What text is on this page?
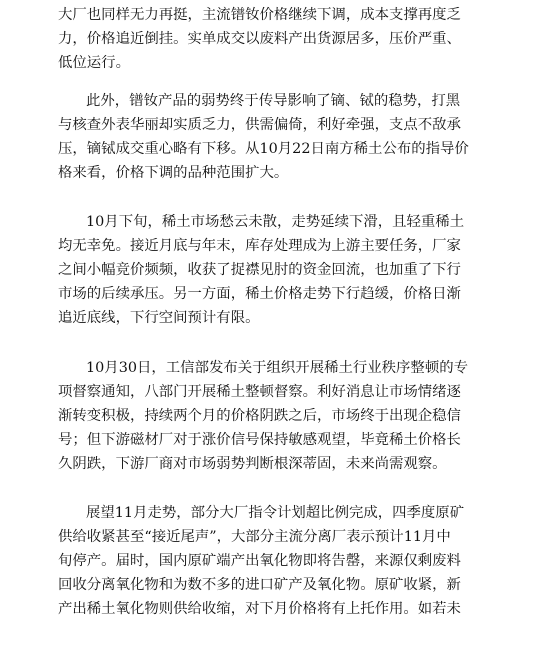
大厂也同样无力再挺，主流镨钕价格继续下调，成本支撑再度乏
力，价格追近倒挂。实单成交以废料产出货源居多，压价严重、
低位运行。

此外，镨钕产品的弱势终于传导影响了镝、铽的稳势，打黑
与核查外表华丽却实质乏力，供需偏倚，利好牵强，支点不敌承
压，镝铽成交重心略有下移。从10月22日南方稀土公布的指导价
格来看，价格下调的品种范围扩大。

10月下旬，稀土市场愁云未散，走势延续下滑，且轻重稀土
均无幸免。接近月底与年末，库存处理成为上游主要任务，厂家
之间小幅竞价频频，收获了捉襟见肘的资金回流，也加重了下行
市场的后续承压。另一方面，稀土价格走势下行趋缓，价格日渐
追近底线，下行空间预计有限。

10月30日，工信部发布关于组织开展稀土行业秩序整顿的专
项督察通知，八部门开展稀土整顿督察。利好消息让市场情绪逐
渐转变积极，持续两个月的价格阴跌之后，市场终于出现企稳信
号；但下游磁材厂对于涨价信号保持敏感观望，毕竟稀土价格长
久阴跌，下游厂商对市场弱势判断根深蒂固，未来尚需观察。

展望11月走势，部分大厂指令计划超比例完成，四季度原矿
供给收紧甚至“接近尾声”，大部分主流分离厂表示预计11月中
旬停产。届时，国内原矿端产出氧化物即将告罄，来源仅剩废料
回收分离氧化物和为数不多的进口矿产及氧化物。原矿收紧，新
产出稀土氧化物则供给收缩，对下月价格将有上托作用。如若未
